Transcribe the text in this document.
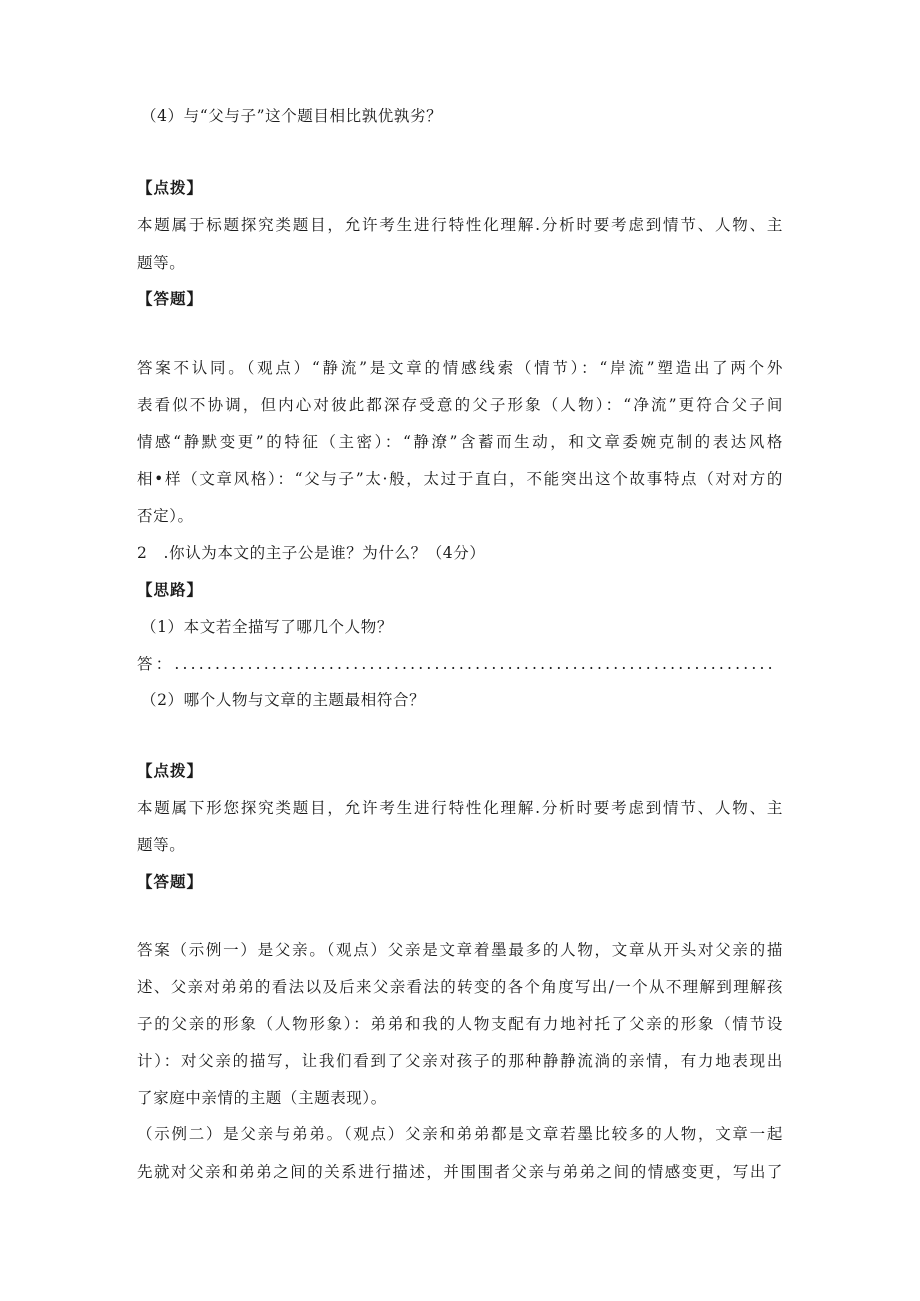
（4）与“父与子”这个题目相比孰优孰劣？
【点拨】
本题属于标题探究类题目，允许考生进行特性化理解.分析时要考虑到情节、人物、主
题等。
【答题】
答案不认同。（观点）“静流”是文章的情感线索（情节）：“岸流”塑造出了两个外
表看似不协调，但内心对彼此都深存受意的父子形象（人物）：“净流”更符合父子间
情感“静默变更”的特征（主密）：“静潦”含蓄而生动，和文章委婉克制的表达风格
相•样（文章风格）：“父与子”太·般，太过于直白，不能突出这个故事特点（对对方的
否定）。
2　.你认为本文的主子公是谁？为什么？（4分）
【思路】
（1）本文若全描写了哪几个人物？
答：..........................................................................
（2）哪个人物与文章的主题最相符合？
【点拨】
本题属下形您探究类题目，允许考生进行特性化理解.分析时要考虑到情节、人物、主
题等。
【答题】
答案（示例一）是父亲。（观点）父亲是文章着墨最多的人物，文章从开头对父亲的描
述、父亲对弟弟的看法以及后来父亲看法的转变的各个角度写出/一个从不理解到理解孩
子的父亲的形象（人物形象）：弟弟和我的人物支配有力地衬托了父亲的形象（情节设
计）：对父亲的描写，让我们看到了父亲对孩子的那种静静流淌的亲情，有力地表现出
了家庭中亲情的主题（主题表现）。
（示例二）是父亲与弟弟。（观点）父亲和弟弟都是文章若墨比较多的人物，文章一起
先就对父亲和弟弟之间的关系进行描述，并围围者父亲与弟弟之间的情感变更，写出了
